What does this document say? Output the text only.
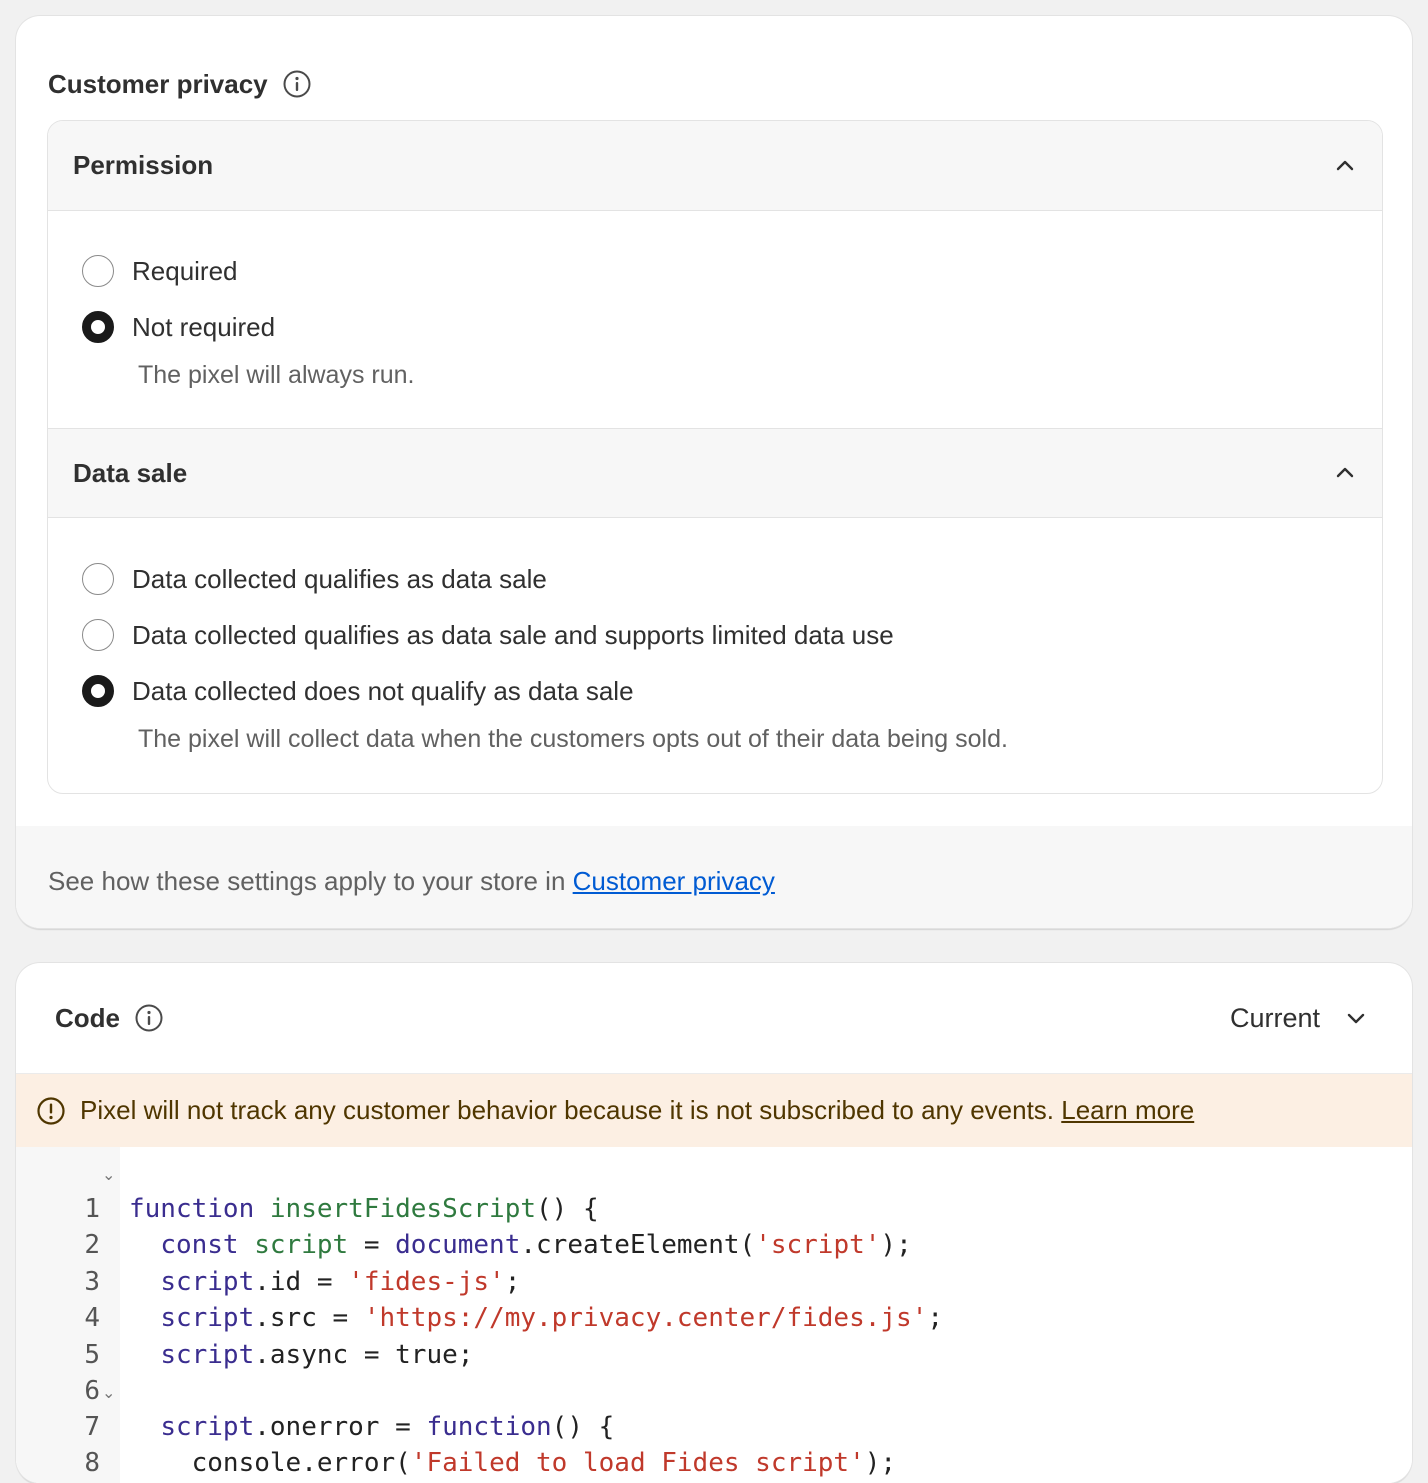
Customer privacy
Permission
Required
Not required
The pixel will always run.
Data sale
Data collected qualifies as data sale
Data collected qualifies as data sale and supports limited data use
Data collected does not qualify as data sale
The pixel will collect data when the customers opts out of their data being sold.
See how these settings apply to your store in Customer privacy
Code	Current
Pixel will not track any customer behavior because it is not subscribed to any events. Learn more

1
⌄
function insertFidesScript() {

2	const script = document.createElement('script');

3	script.id = 'fides-js';

4	script.src = 'https://my.privacy.center/fides.js';

5	script.async = true;

6

7
⌄
script.onerror = function() {

8	console.error('Failed to load Fides script');
